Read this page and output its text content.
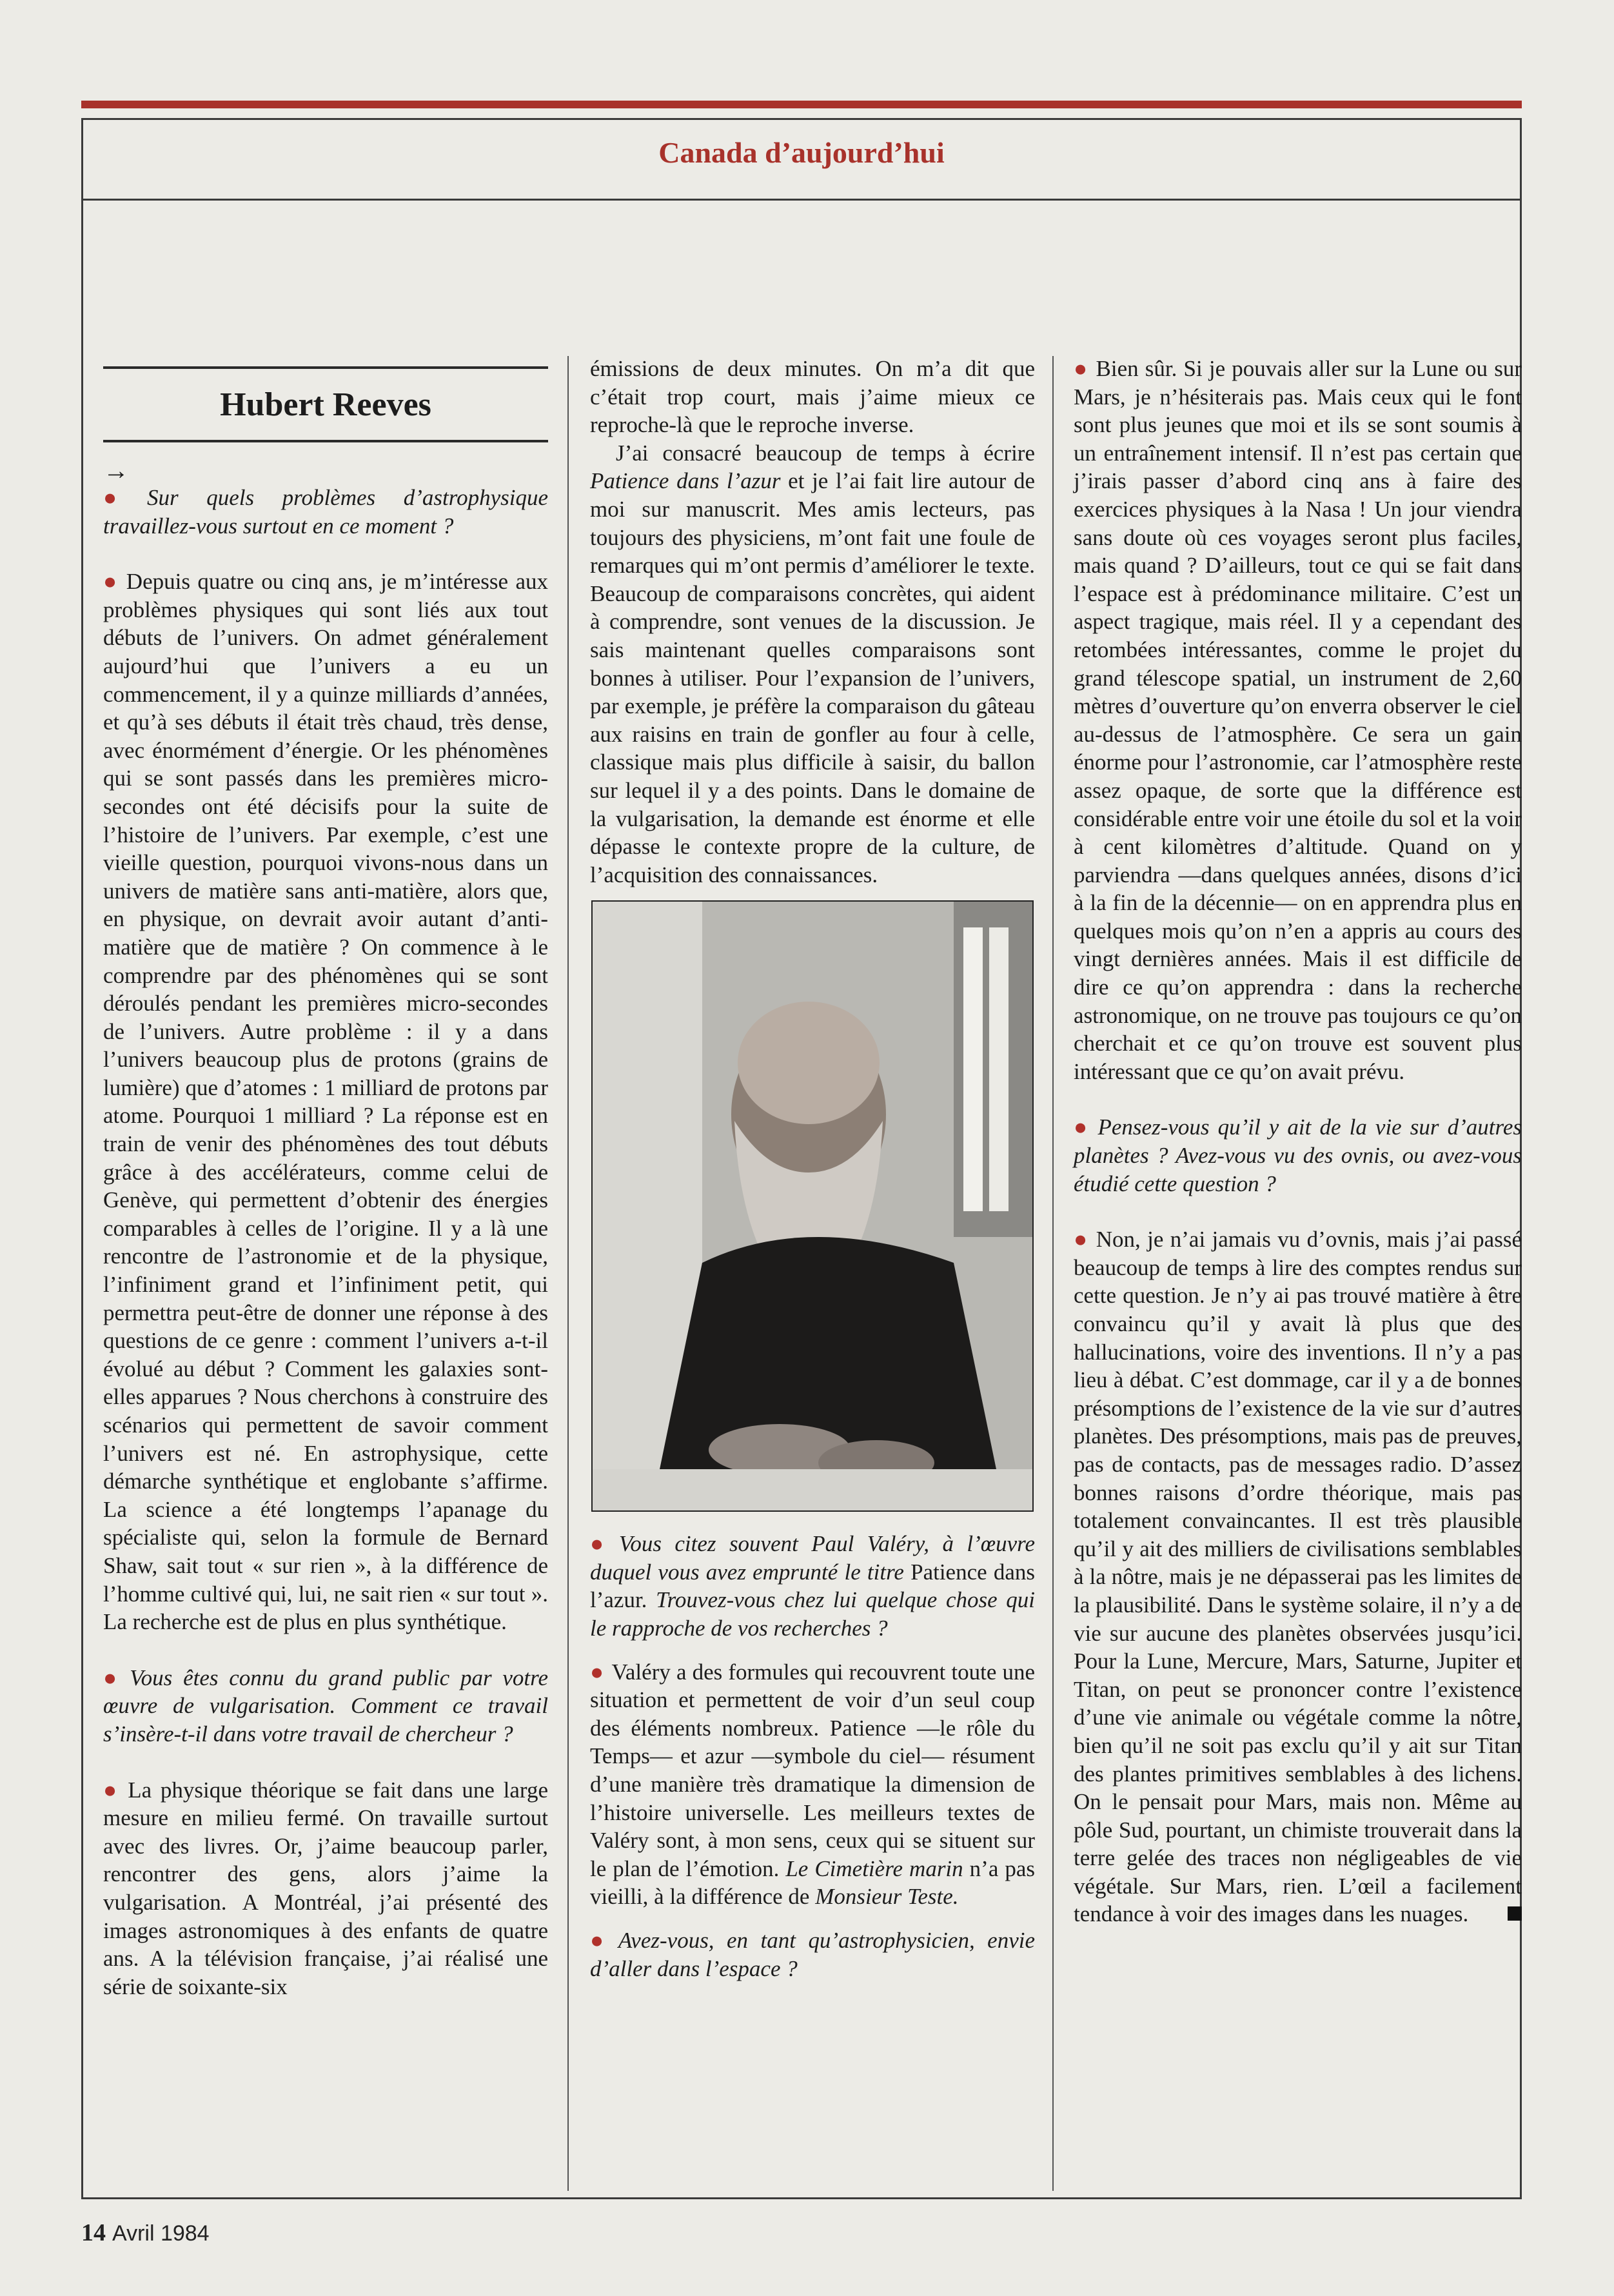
Canada d’aujourd’hui
Hubert Reeves
→

● Sur quels problèmes d’astrophysique travaillez-vous surtout en ce moment ?

● Depuis quatre ou cinq ans, je m’intéresse aux problèmes physiques qui sont liés aux tout débuts de l’univers. On admet généralement aujourd’hui que l’univers a eu un commencement, il y a quinze milliards d’années, et qu’à ses débuts il était très chaud, très dense, avec énormément d’énergie. Or les phénomènes qui se sont passés dans les premières micro-secondes ont été décisifs pour la suite de l’histoire de l’univers. Par exemple, c’est une vieille question, pourquoi vivons-nous dans un univers de matière sans anti-matière, alors que, en physique, on devrait avoir autant d’anti-matière que de matière ? On commence à le comprendre par des phénomènes qui se sont déroulés pendant les premières micro-secondes de l’univers. Autre problème : il y a dans l’univers beaucoup plus de protons (grains de lumière) que d’atomes : 1 milliard de protons par atome. Pourquoi 1 milliard ? La réponse est en train de venir des phénomènes des tout débuts grâce à des accélérateurs, comme celui de Genève, qui permettent d’obtenir des énergies comparables à celles de l’origine. Il y a là une rencontre de l’astronomie et de la physique, l’infiniment grand et l’infiniment petit, qui permettra peut-être de donner une réponse à des questions de ce genre : comment l’univers a-t-il évolué au début ? Comment les galaxies sont-elles apparues ? Nous cherchons à construire des scénarios qui permettent de savoir comment l’univers est né. En astrophysique, cette démarche synthétique et englobante s’affirme. La science a été longtemps l’apanage du spécialiste qui, selon la formule de Bernard Shaw, sait tout « sur rien », à la différence de l’homme cultivé qui, lui, ne sait rien « sur tout ». La recherche est de plus en plus synthétique.

● Vous êtes connu du grand public par votre œuvre de vulgarisation. Comment ce travail s’insère-t-il dans votre travail de chercheur ?

● La physique théorique se fait dans une large mesure en milieu fermé. On travaille surtout avec des livres. Or, j’aime beaucoup parler, rencontrer des gens, alors j’aime la vulgarisation. A Montréal, j’ai présenté des images astronomiques à des enfants de quatre ans. A la télévision française, j’ai réalisé une série de soixante-six

émissions de deux minutes. On m’a dit que c’était trop court, mais j’aime mieux ce reproche-là que le reproche inverse.

J’ai consacré beaucoup de temps à écrire Patience dans l’azur et je l’ai fait lire autour de moi sur manuscrit. Mes amis lecteurs, pas toujours des physiciens, m’ont fait une foule de remarques qui m’ont permis d’améliorer le texte. Beaucoup de comparaisons concrètes, qui aident à comprendre, sont venues de la discussion. Je sais maintenant quelles comparaisons sont bonnes à utiliser. Pour l’expansion de l’univers, par exemple, je préfère la comparaison du gâteau aux raisins en train de gonfler au four à celle, classique mais plus difficile à saisir, du ballon sur lequel il y a des points. Dans le domaine de la vulgarisation, la demande est énorme et elle dépasse le contexte propre de la culture, de l’acquisition des connaissances.

● Vous citez souvent Paul Valéry, à l’œuvre duquel vous avez emprunté le titre Patience dans l’azur. Trouvez-vous chez lui quelque chose qui le rapproche de vos recherches ?

● Valéry a des formules qui recouvrent toute une situation et permettent de voir d’un seul coup des éléments nombreux. Patience —le rôle du Temps— et azur —symbole du ciel— résument d’une manière très dramatique la dimension de l’histoire universelle. Les meilleurs textes de Valéry sont, à mon sens, ceux qui se situent sur le plan de l’émotion. Le Cimetière marin n’a pas vieilli, à la différence de Monsieur Teste.

● Avez-vous, en tant qu’astrophysicien, envie d’aller dans l’espace ?

● Bien sûr. Si je pouvais aller sur la Lune ou sur Mars, je n’hésiterais pas. Mais ceux qui le font sont plus jeunes que moi et ils se sont soumis à un entraînement intensif. Il n’est pas certain que j’irais passer d’abord cinq ans à faire des exercices physiques à la Nasa ! Un jour viendra sans doute où ces voyages seront plus faciles, mais quand ? D’ailleurs, tout ce qui se fait dans l’espace est à prédominance militaire. C’est un aspect tragique, mais réel. Il y a cependant des retombées intéressantes, comme le projet du grand télescope spatial, un instrument de 2,60 mètres d’ouverture qu’on enverra observer le ciel au-dessus de l’atmosphère. Ce sera un gain énorme pour l’astronomie, car l’atmosphère reste assez opaque, de sorte que la différence est considérable entre voir une étoile du sol et la voir à cent kilomètres d’altitude. Quand on y parviendra —dans quelques années, disons d’ici à la fin de la décennie— on en apprendra plus en quelques mois qu’on n’en a appris au cours des vingt dernières années. Mais il est difficile de dire ce qu’on apprendra : dans la recherche astronomique, on ne trouve pas toujours ce qu’on cherchait et ce qu’on trouve est souvent plus intéressant que ce qu’on avait prévu.

● Pensez-vous qu’il y ait de la vie sur d’autres planètes ? Avez-vous vu des ovnis, ou avez-vous étudié cette question ?

● Non, je n’ai jamais vu d’ovnis, mais j’ai passé beaucoup de temps à lire des comptes rendus sur cette question. Je n’y ai pas trouvé matière à être convaincu qu’il y avait là plus que des hallucinations, voire des inventions. Il n’y a pas lieu à débat. C’est dommage, car il y a de bonnes présomptions de l’existence de la vie sur d’autres planètes. Des présomptions, mais pas de preuves, pas de contacts, pas de messages radio. D’assez bonnes raisons d’ordre théorique, mais pas totalement convaincantes. Il est très plausible qu’il y ait des milliers de civilisations semblables à la nôtre, mais je ne dépasserai pas les limites de la plausibilité. Dans le système solaire, il n’y a de vie sur aucune des planètes observées jusqu’ici. Pour la Lune, Mercure, Mars, Saturne, Jupiter et Titan, on peut se prononcer contre l’existence d’une vie animale ou végétale comme la nôtre, bien qu’il ne soit pas exclu qu’il y ait sur Titan des plantes primitives semblables à des lichens. On le pensait pour Mars, mais non. Même au pôle Sud, pourtant, un chimiste trouverait dans la terre gelée des traces non négligeables de vie végétale. Sur Mars, rien. L’œil a facilement tendance à voir des images dans les nuages.

14 Avril 1984
